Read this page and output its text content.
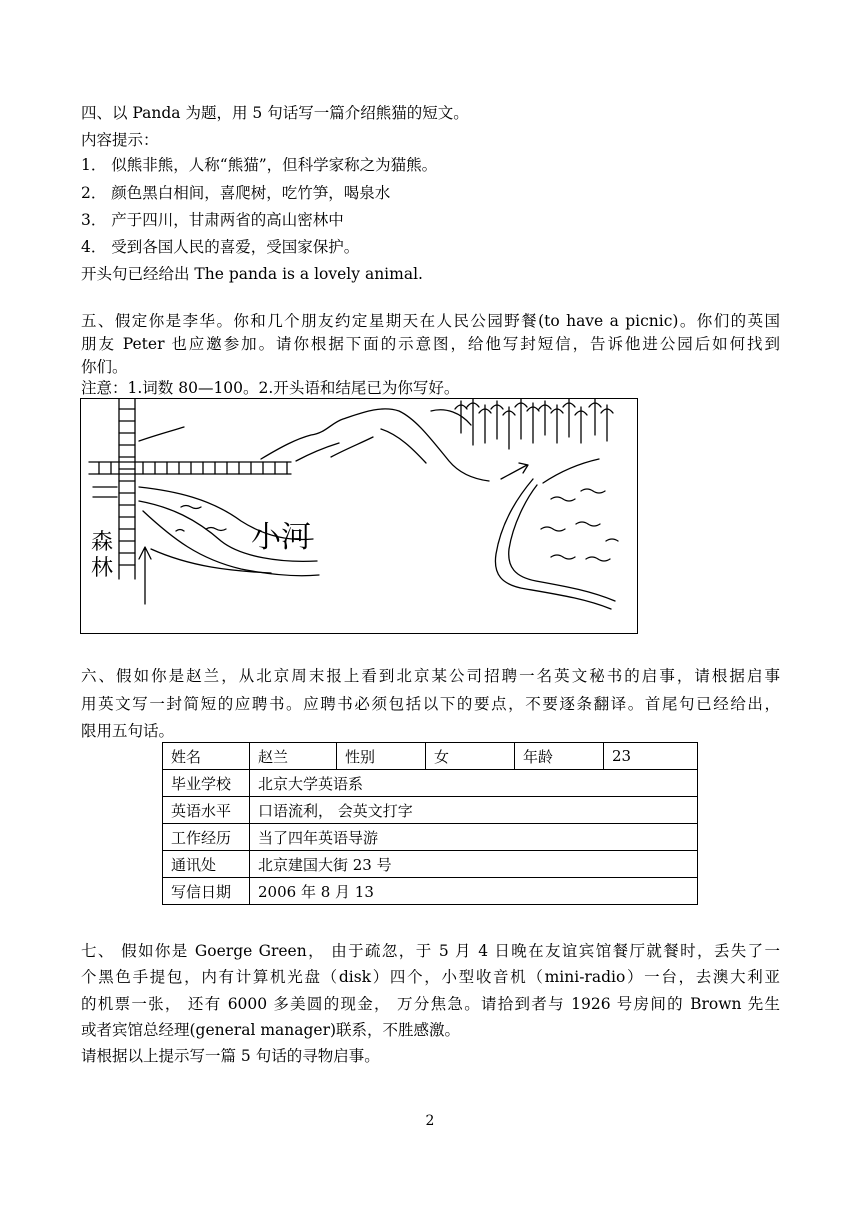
四、以 Panda 为题，用 5 句话写一篇介绍熊猫的短文。
内容提示：
1． 似熊非熊，人称“熊猫”，但科学家称之为猫熊。
2． 颜色黑白相间，喜爬树，吃竹笋，喝泉水
3． 产于四川，甘肃两省的高山密林中
4． 受到各国人民的喜爱，受国家保护。
开头句已经给出 The panda is a lovely animal.
五、假定你是李华。你和几个朋友约定星期天在人民公园野餐(to have a picnic)。你们的英国
朋友 Peter 也应邀参加。请你根据下面的示意图，给他写封短信，告诉他进公园后如何找到
你们。
注意：1.词数 80—100。2.开头语和结尾已为你写好。
小河
森林
六、假如你是赵兰，从北京周末报上看到北京某公司招聘一名英文秘书的启事，请根据启事
用英文写一封简短的应聘书。应聘书必须包括以下的要点，不要逐条翻译。首尾句已经给出，
限用五句话。
姓名	赵兰	性别	女	年龄	23
毕业学校	北京大学英语系				
英语水平	口语流利， 会英文打字				
工作经历	当了四年英语导游				
通讯处	北京建国大街 23 号				
写信日期	2006 年 8 月 13				
七、 假如你是 Goerge Green， 由于疏忽，于 5 月 4 日晚在友谊宾馆餐厅就餐时，丢失了一
个黑色手提包，内有计算机光盘（disk）四个，小型收音机（mini-radio）一台，去澳大利亚
的机票一张， 还有 6000 多美圆的现金， 万分焦急。请拾到者与 1926 号房间的 Brown 先生
或者宾馆总经理(general manager)联系，不胜感激。
请根据以上提示写一篇 5 句话的寻物启事。
2
